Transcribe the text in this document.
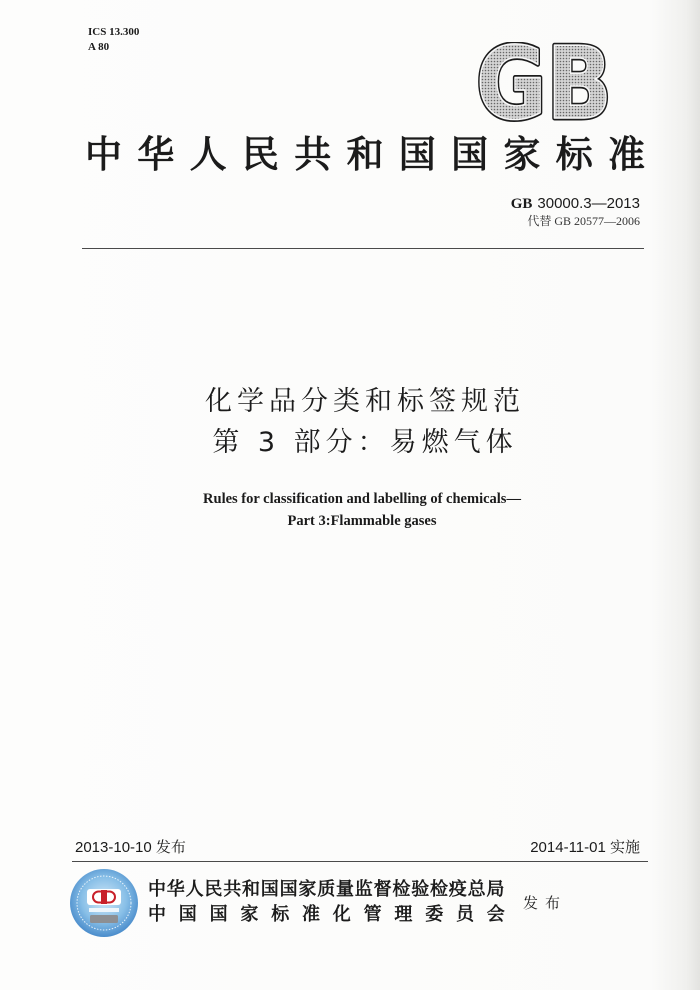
ICS 13.300
A 80	GB
GB
中华人民共和国国家标准
GB 30000.3—2013
代替 GB 20577—2006
化学品分类和标签规范
第 3 部分：易燃气体
Rules for classification and labelling of chemicals—
Part 3:Flammable gases
2013-10-10 发布	2014-11-01 实施
中华人民共和国国家质量监督检验检疫总局
中国国家标准化管理委员会
发布
